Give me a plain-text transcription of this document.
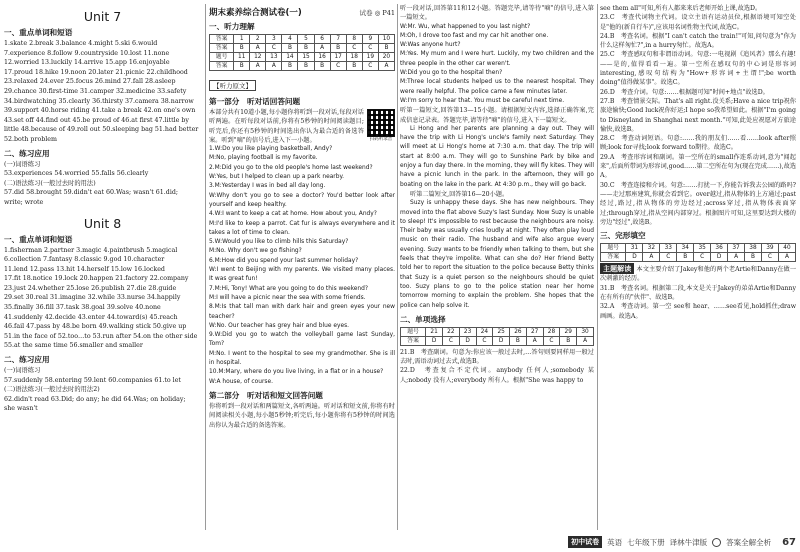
Unit 7
一、重点单词和短语
1.skate 2.break 3.balance 4.might 5.ski 6.would
7.experience 8.follow 9.countryside 10.lost 11.none
12.worried 13.luckily 14.arrive 15.app 16.enjoyable
17.proud 18.hike 19.noon 20.later 21.picnic 22.childhood
23.relaxed 24.ever 25.focus 26.mind 27.fall 28.asleep
29.chance 30.first-time 31.camper 32.medicine 33.safety
34.birdwatching 35.clearly 36.thirsty 37.camera 38.narrow
39.support 40.horse riding 41.take a break 42.on one's own
43.set off 44.find out 45.be proud of 46.at first 47.little by
little 48.because of 49.roll out 50.sleeping bag 51.had better
52.both problem
二、练习应用
(一)词语练习
53.experiences 54.worried 55.falls 56.clearly
(二)语法练习(一般过去时的用法)
57.did 58.brought 59.didn't eat 60.Was; wasn't 61.did;
write; wrote
Unit 8
一、重点单词和短语
1.fisherman 2.partner 3.magic 4.paintbrush 5.magical
6.collection 7.fantasy 8.classic 9.god 10.character
11.lend 12.pass 13.hit 14.herself 15.low 16.locked
17.fit 18.notice 19.lock 20.happen 21.factory 22.company
23.just 24.whether 25.lose 26.publish 27.die 28.guide
29.set 30.real 31.imagine 32.while 33.nurse 34.happily
35.finally 36.fill 37.task 38.goal 39.solve 40.none
41.suddenly 42.decide 43.enter 44.toward(s) 45.reach
46.fail 47.pass by 48.be born 49.walking stick 50.give up
51.in the face of 52.too…to 53.run after 54.on the other side
55.at the same time 56.smaller and smaller
二、练习应用
(一)词语练习
57.suddenly 58.entering 59.lent 60.companies 61.to let
(二)语法练习(一般过去时的用法2)
62.didn't read 63.Did; do any; he did 64.Was; on holiday;
she wasn't
期末素养综合测试卷(一)	试卷 ◎ P41
一、听力理解
答案	1	2	3	4	5	6	7	8	9	10
答案	B	A	C	B	B	A	B	C	C	B
题号	11	12	13	14	15	16	17	18	19	20
答案	B	A	A	B	B	B	C	B	C	A
【听力原文】
第一部分　听对话回答问题
扫码听录音
本部分共有10道小题,每小题你将听到一段对话,每段对话听两遍。在听每段对话前,你将有5秒钟的时间阅读题目;听完后,你还有5秒钟的时间选出你认为最合适的备选答案。听到"嘀"的信号后,进入下一小题。
1.W:Do you like playing basketball, Andy?
M:No, playing football is my favorite.
2.M:Did you go to the old people's home last weekend?
W:Yes, but I helped to clean up a park nearby.
3.M:Yesterday I was in bed all day long.
W:Why don't you go to see a doctor? You'd better look after yourself and keep healthy.
4.W:I want to keep a cat at home. How about you, Andy?
M:I'd like to keep a parrot. Cat fur is always everywhere and it takes a lot of time to clean.
5.W:Would you like to climb hills this Saturday?
M:No. Why don't we go fishing?
6.M:How did you spend your last summer holiday?
W:I went to Beijing with my parents. We visited many places. It was great fun!
7.M:Hi, Tony! What are you going to do this weekend?
M:I will have a picnic near the sea with some friends.
8.M:Is that tall man with dark hair and green eyes your new teacher?
W:No. Our teacher has grey hair and blue eyes.
9.W:Did you go to watch the volleyball game last Sunday, Tom?
M:No. I went to the hospital to see my grandmother. She is ill in hospital.
10.M:Mary, where do you live living, in a flat or in a house?
W:A house, of course.
第二部分　听对话和短文回答问题
你将听到一段对话和两篇短文,各听两遍。听对话和短文前,你将有时间阅读相关小题,每小题5秒钟;听完后,每小题你将有5秒钟的时间选出你认为最合适的备选答案。
听一段对话,回答第11和12小题。答题完毕,请等待"嘀"的信号,进入第一篇短文。
W:Mr. Wu, what happened to you last night?
M:Oh, I drove too fast and my car hit another one.
W:Was anyone hurt?
M:Yes. My mum and I were hurt. Luckily, my two children and the three people in the other car weren't.
W:Did you go to the hospital then?
M:Three local students helped us to the nearest hospital. They were really helpful. The police came a few minutes later.
W:I'm sorry to hear that. You must be careful next time.
听第一篇短文,回答第13—15小题。请根据短文内容,选择正确答案,完成信息记录表。答题完毕,请等待"嘀"的信号,进入下一篇短文。
Li Hong and her parents are planning a day out. They will have the trip with Li Hong's uncle's family next Saturday. They will meet at Li Hong's home at 7:30 a.m. that day. The trip will start at 8:00 a.m. They will go to Sunshine Park by bike and enjoy a fun day there. In the morning, they will fly kites. They will have a picnic lunch in the park. In the afternoon, they will go boating on the lake in the park. At 4:30 p.m., they will go back.
听第二篇短文,回答第16—20小题。
Suzy is unhappy these days. She has new neighbours. They moved into the flat above Suzy's last Sunday. Now Suzy is unable to sleep! It's impossible to rest because the neighbours are noisy. Their baby was usually cries loudly at night. They often play loud music on their radio. The husband and wife also argue every evening. Suzy wants to be friendly when talking to them, but she feels that they're impolite. What can she do? Her friend Betty told her to report the situation to the police because Betty thinks that Suzy is a quiet person so the neighbours should be quiet too. Suzy plans to go to the police station near her home tomorrow morning to explain the problem. She hopes that the police can help solve it.
二、单项选择
题号	21	22	23	24	25	26	27	28	29	30
答案	D	C	D	C	D	B	A	C	B	A
21.B　考查副词。句意为:你应该一般过去时,…答句则要同样用一般过去时,需语动词过去式,故选B。
22.D　考查复合不定代词。anybody 任何人;somebody 某人;nobody 没有人;everybody 所有人。根据"She was happy to
see them all"可知,所有人都来来后老师开始上课,故选D。
23.C　考查代词物主代词。设立主语有运动员位,根据语境可知空处是"他的(新自行车)",应该用名词性物主代词,故选C。
24.B　考查名词。根据"I can't catch the train!"可知,问句意为"你为什么这样匆忙?",in a hurry匆忙。故选A。
25.C　考查感叹句和非谓语动词。句意:一电视剧《追风者》那么有趣!——是的,值得看看一遍。第一空所在感叹句的中心词是形容词interesting,感叹句结构为"How+形容词+主谓!";be worth doing"值得做某事"。故选C。
26.D　考查介词。句意:……根据题可知"时间+地点"故选D。
27.B　考查情景交际。That's all right.没关系;Have a nice trip祝你旅途愉快;Good luck祝你好运;I hope so我希望如此。根据"I'm going to Disneyland in Shanghai next month."可知,此处应祝愿对方旅途愉快,故选B。
28.C　考查动词短语。句意:……我的朋友们……看……look after照顾;look for寻找;look forward to期待。故选C。
29.A　考查形容词和副词。第一空所在的small作连系动词,意为"闻起来",后面所带词为形容词,good……第二空所在句为(现在完成……),故选A。
30.C　考查连接和介词。句意:……打扰一下,你能告诉我去公园的路吗?——走过那座建筑,你就会看到它。over越过,指从物体的上方通过;past经过,路过,指从物体的旁边经过;across穿过,指从物体表面穿过;through穿过,指从空间内部穿过。根据图片可知,这里要达到大楼的旁边"经过",故选B。
三、完形填空
题号	31	32	33	34	35	36	37	38	39	40
答案	D	A	C	B	C	D	A	B	C	A
主题解读 本文主要介绍了Jakey和他的两个老Artie和Danny在做一次刺激的经历。
31.B　考查名词。根据第二段,本文是关于Jakey的弟弟Artie和Danny在有所有的"伙伴"、故选B。
32.A　考查动词。第一空 see和 hear、……see看见,hold抓住;draw画画。故选A。
初中试卷	英语 七年级下册 译林牛津版	答案全解全析 67
